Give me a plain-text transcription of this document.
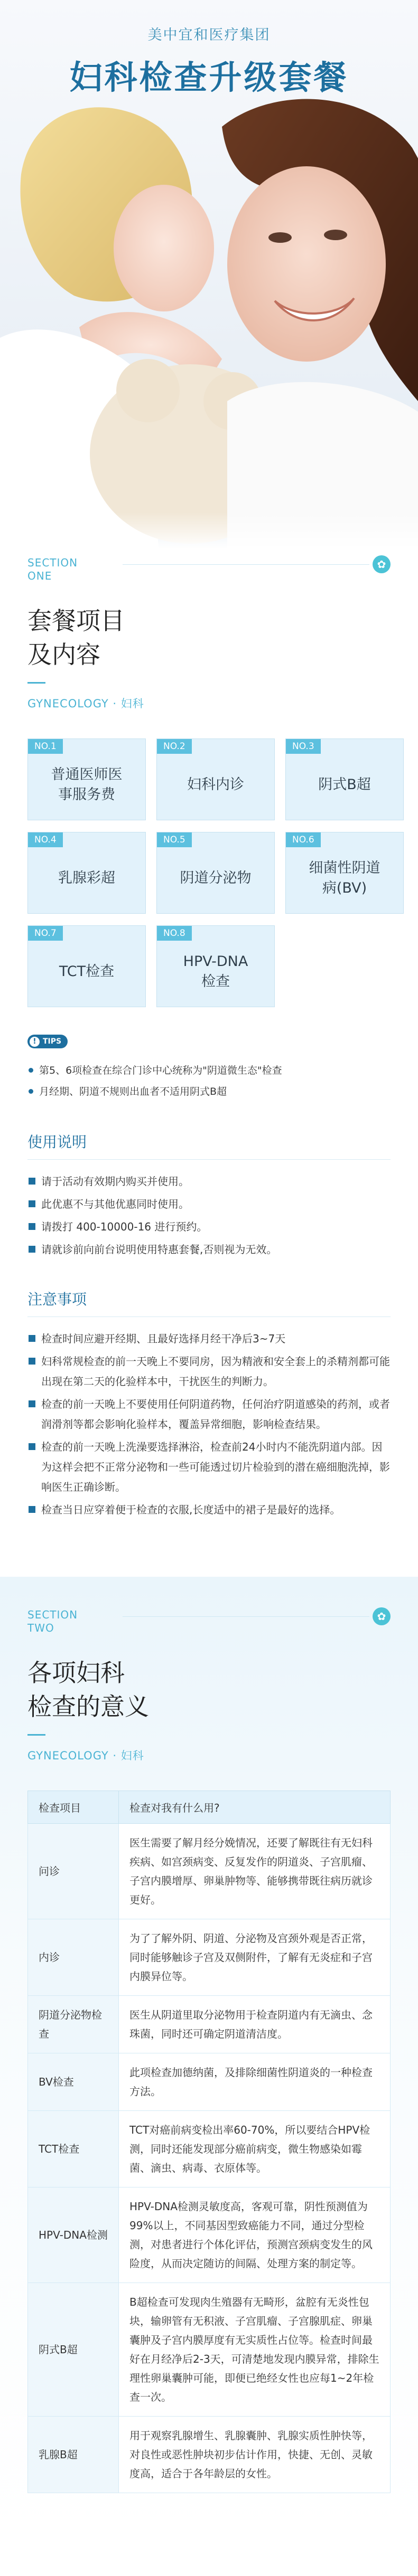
美中宜和医疗集团
妇科检查升级套餐
SECTION
ONE
✿
套餐项目
及内容
GYNECOLOGY · 妇科
NO.1
普通医师医事服务费
NO.2
妇科内诊
NO.3
阴式B超
NO.4
乳腺彩超
NO.5
阴道分泌物
NO.6
细菌性阴道病(BV)
NO.7
TCT检查
NO.8
HPV-DNA检查
! TIPS
第5、6项检查在综合门诊中心统称为"阴道微生态"检查
月经期、阴道不规则出血者不适用阴式B超
使用说明
请于活动有效期内购买并使用。
此优惠不与其他优惠同时使用。
请拨打 400-10000-16 进行预约。
请就诊前向前台说明使用特惠套餐,否则视为无效。
注意事项
检查时间应避开经期、且最好选择月经干净后3~7天
妇科常规检查的前一天晚上不要同房，因为精液和安全套上的杀精剂都可能出现在第二天的化验样本中，干扰医生的判断力。
检查的前一天晚上不要使用任何阴道药物，任何治疗阴道感染的药剂，或者润滑剂等都会影响化验样本，覆盖异常细胞，影响检查结果。
检查的前一天晚上洗澡要选择淋浴，检查前24小时内不能洗阴道内部。因为这样会把不正常分泌物和一些可能透过切片检验到的潜在癌细胞洗掉，影响医生正确诊断。
检查当日应穿着便于检查的衣服,长度适中的裙子是最好的选择。
SECTION
TWO
✿
各项妇科
检查的意义
GYNECOLOGY · 妇科
检查项目	检查对我有什么用?
问诊	医生需要了解月经分娩情况，还要了解既往有无妇科疾病、如宫颈病变、反复发作的阴道炎、子宫肌瘤、子宫内膜增厚、卵巢肿物等、能够携带既往病历就诊更好。
内诊	为了了解外阴、阴道、分泌物及宫颈外观是否正常，同时能够触诊子宫及双侧附件，了解有无炎症和子宫内膜异位等。
阴道分泌物检查	医生从阴道里取分泌物用于检查阴道内有无滴虫、念珠菌，同时还可确定阴道清洁度。
BV检查	此项检查加德纳菌，及排除细菌性阴道炎的一种检查方法。
TCT检查	TCT对癌前病变检出率60-70%，所以要结合HPV检测，同时还能发现部分癌前病变，微生物感染如霉菌、滴虫、病毒、衣原体等。
HPV-DNA检测	HPV-DNA检测灵敏度高，客观可靠，阴性预测值为99%以上，不同基因型致癌能力不同，通过分型检测，对患者进行个体化评估，预测宫颈病变发生的风险度，从而决定随访的间隔、处理方案的制定等。
阴式B超	B超检查可发现肉生殖器有无畸形，盆腔有无炎性包块，输卵管有无积液、子宫肌瘤、子宫腺肌症、卵巢囊肿及子宫内膜厚度有无实质性占位等。检查时间最好在月经净后2-3天，可清楚地发现内膜异常，排除生理性卵巢囊肿可能，即便已绝经女性也应每1~2年检查一次。
乳腺B超	用于观察乳腺增生、乳腺囊肿、乳腺实质性肿快等，对良性或恶性肿块初步估计作用，快捷、无创、灵敏度高，适合于各年龄层的女性。
